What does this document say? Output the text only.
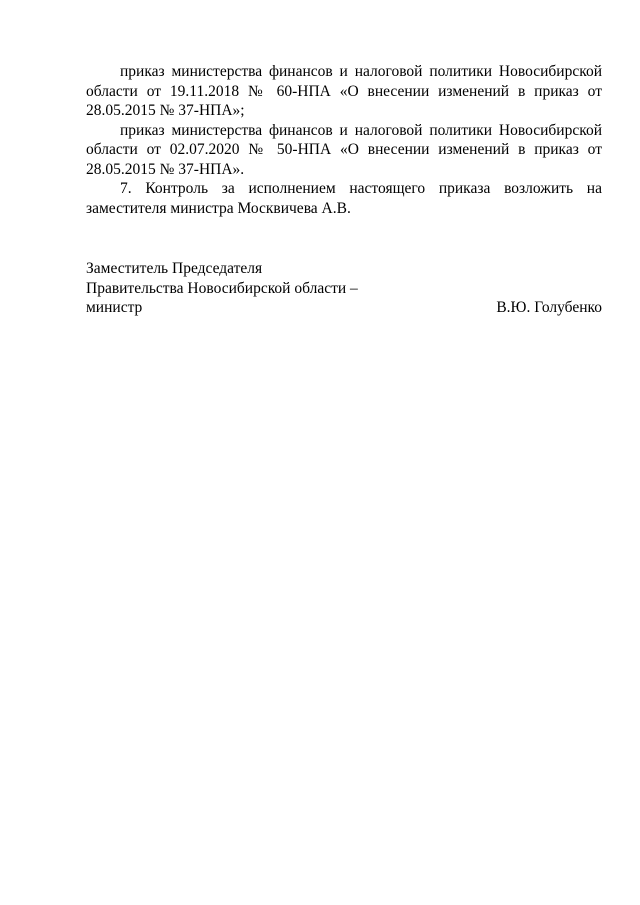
приказ министерства финансов и налоговой политики Новосибирской области от 19.11.2018 № 60-НПА «О внесении изменений в приказ от 28.05.2015 № 37-НПА»;

приказ министерства финансов и налоговой политики Новосибирской области от 02.07.2020 № 50-НПА «О внесении изменений в приказ от 28.05.2015 № 37-НПА».

7. Контроль за исполнением настоящего приказа возложить на заместителя министра Москвичева А.В.

Заместитель Председателя

Правительства Новосибирской области –

министр	В.Ю. Голубенко
